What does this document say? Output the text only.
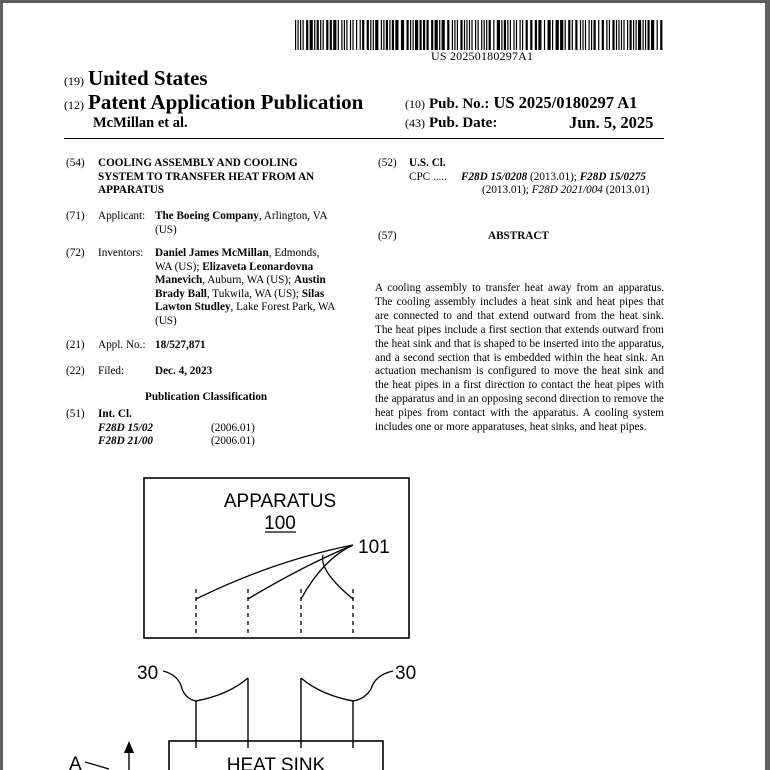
US 20250180297A1
(19) United States
(12) Patent Application Publication
McMillan et al.
(10) Pub. No.: US 2025/0180297 A1
(43) Pub. Date:	Jun. 5, 2025
(54) COOLING ASSEMBLY AND COOLING
SYSTEM TO TRANSFER HEAT FROM AN
APPARATUS
(71) Applicant: The Boeing Company, Arlington, VA
(US)
(72) Inventors: Daniel James McMillan, Edmonds,
WA (US); Elizaveta Leonardovna
Manevich, Auburn, WA (US); Austin
Brady Ball, Tukwila, WA (US); Silas
Lawton Studley, Lake Forest Park, WA
(US)
(21) Appl. No.: 18/527,871
(22) Filed:	Dec. 4, 2023
Publication Classification
(51) Int. Cl.
F28D 15/02	(2006.01)
F28D 21/00	(2006.01)
(52) U.S. Cl.
CPC ..... F28D 15/0208 (2013.01); F28D 15/0275
(2013.01); F28D 2021/004 (2013.01)
(57)	ABSTRACT
A cooling assembly to transfer heat away from an apparatus. The cooling assembly includes a heat sink and heat pipes that are connected to and that extend outward from the heat sink. The heat pipes include a first section that extends outward from the heat sink and that is shaped to be inserted into the apparatus, and a second section that is embedded within the heat sink. An actuation mechanism is configured to move the heat sink and the heat pipes in a first direction to contact the heat pipes with the apparatus and in an opposing second direction to remove the heat pipes from contact with the apparatus. A cooling system includes one or more apparatuses, heat sinks, and heat pipes.
APPARATUS
100
101
30	30
HEAT SINK
A
